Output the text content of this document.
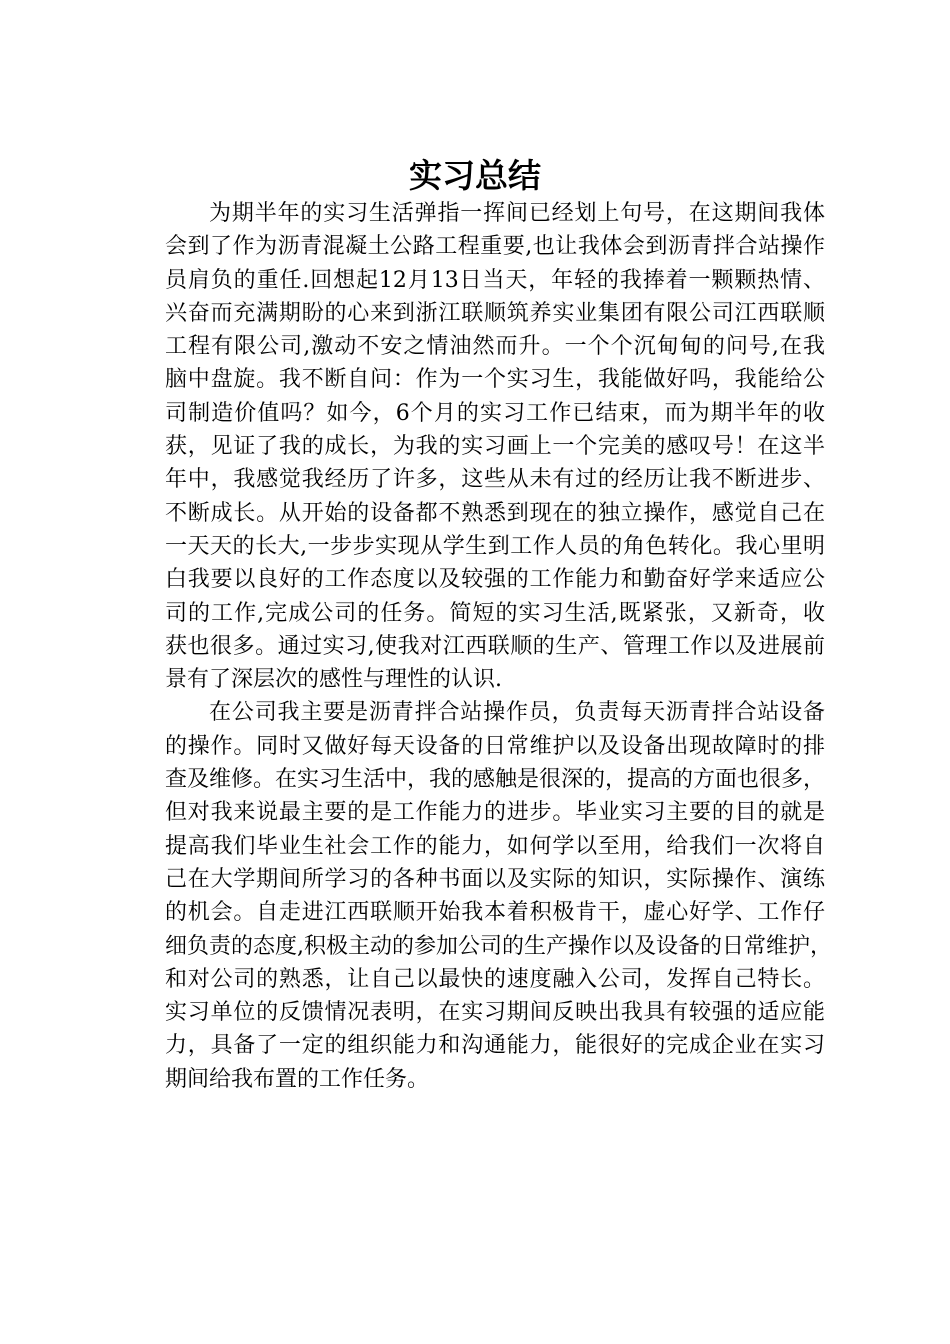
实习总结
为期半年的实习生活弹指一挥间已经划上句号，在这期间我体
会到了作为沥青混凝土公路工程重要,也让我体会到沥青拌合站操作
员肩负的重任.回想起12月13日当天，年轻的我捧着一颗颗热情、
兴奋而充满期盼的心来到浙江联顺筑养实业集团有限公司江西联顺
工程有限公司,激动不安之情油然而升。一个个沉甸甸的问号,在我
脑中盘旋。我不断自问：作为一个实习生，我能做好吗，我能给公
司制造价值吗？如今，6个月的实习工作已结束，而为期半年的收
获，见证了我的成长，为我的实习画上一个完美的感叹号！在这半
年中，我感觉我经历了许多，这些从未有过的经历让我不断进步、
不断成长。从开始的设备都不熟悉到现在的独立操作，感觉自己在
一天天的长大,一步步实现从学生到工作人员的角色转化。我心里明
白我要以良好的工作态度以及较强的工作能力和勤奋好学来适应公
司的工作,完成公司的任务。简短的实习生活,既紧张，又新奇，收
获也很多。通过实习,使我对江西联顺的生产、管理工作以及进展前
景有了深层次的感性与理性的认识.
在公司我主要是沥青拌合站操作员，负责每天沥青拌合站设备
的操作。同时又做好每天设备的日常维护以及设备出现故障时的排
查及维修。在实习生活中，我的感触是很深的，提高的方面也很多，
但对我来说最主要的是工作能力的进步。毕业实习主要的目的就是
提高我们毕业生社会工作的能力，如何学以至用，给我们一次将自
己在大学期间所学习的各种书面以及实际的知识，实际操作、演练
的机会。自走进江西联顺开始我本着积极肯干，虚心好学、工作仔
细负责的态度,积极主动的参加公司的生产操作以及设备的日常维护，
和对公司的熟悉，让自己以最快的速度融入公司，发挥自己特长。
实习单位的反馈情况表明，在实习期间反映出我具有较强的适应能
力，具备了一定的组织能力和沟通能力，能很好的完成企业在实习
期间给我布置的工作任务。
